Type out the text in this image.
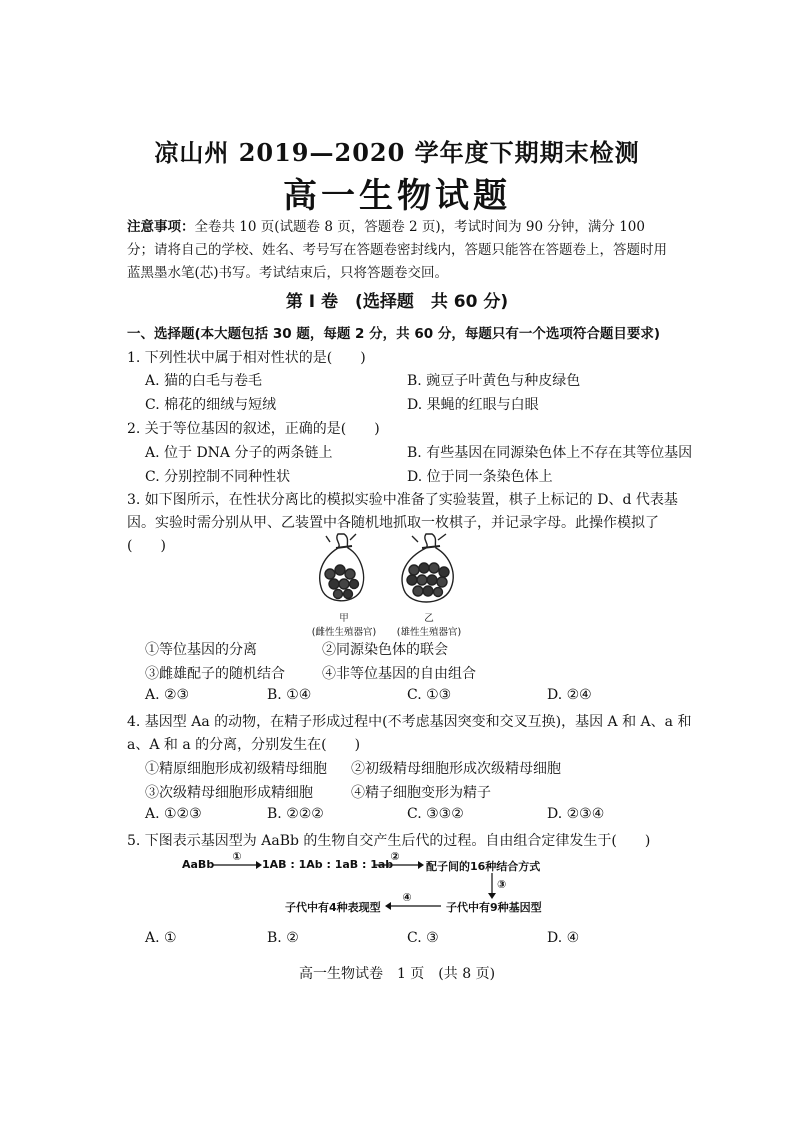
凉山州 2019—2020 学年度下期期末检测
高一生物试题
注意事项：全卷共 10 页(试题卷 8 页，答题卷 2 页)，考试时间为 90 分钟，满分 100 分；请将自己的学校、姓名、考号写在答题卷密封线内，答题只能答在答题卷上，答题时用蓝黑墨水笔(芯)书写。考试结束后，只将答题卷交回。
第 Ⅰ 卷　(选择题　共 60 分)
一、选择题(本大题包括 30 题，每题 2 分，共 60 分，每题只有一个选项符合题目要求)
1. 下列性状中属于相对性状的是(　　)
A. 猫的白毛与卷毛	B. 豌豆子叶黄色与种皮绿色
C. 棉花的细绒与短绒	D. 果蝇的红眼与白眼
2. 关于等位基因的叙述，正确的是(　　)
A. 位于 DNA 分子的两条链上	B. 有些基因在同源染色体上不存在其等位基因
C. 分别控制不同种性状	D. 位于同一条染色体上
3. 如下图所示，在性状分离比的模拟实验中准备了实验装置，棋子上标记的 D、d 代表基因。实验时需分别从甲、乙装置中各随机地抓取一枚棋子，并记录字母。此操作模拟了(　　)
甲
(雌性生殖器官)
乙
(雄性生殖器官)
①等位基因的分离	②同源染色体的联会
③雌雄配子的随机结合	④非等位基因的自由组合
A. ②③	B. ①④	C. ①③	D. ②④
4. 基因型 Aa 的动物，在精子形成过程中(不考虑基因突变和交叉互换)，基因 A 和 A、a 和 a、A 和 a 的分离，分别发生在(　　)
①精原细胞形成初级精母细胞 ②初级精母细胞形成次级精母细胞
③次级精母细胞形成精细胞	④精子细胞变形为精子
A. ①②③	B. ②②②	C. ③③②	D. ②③④
5. 下图表示基因型为 AaBb 的生物自交产生后代的过程。自由组合定律发生于(　　)
AaBb
①
1AB : 1Ab : 1aB : 1ab
②
配子间的16种结合方式
③
子代中有9种基因型
④
子代中有4种表现型
A. ①	B. ②	C. ③	D. ④
高一生物试卷　1 页　(共 8 页)
